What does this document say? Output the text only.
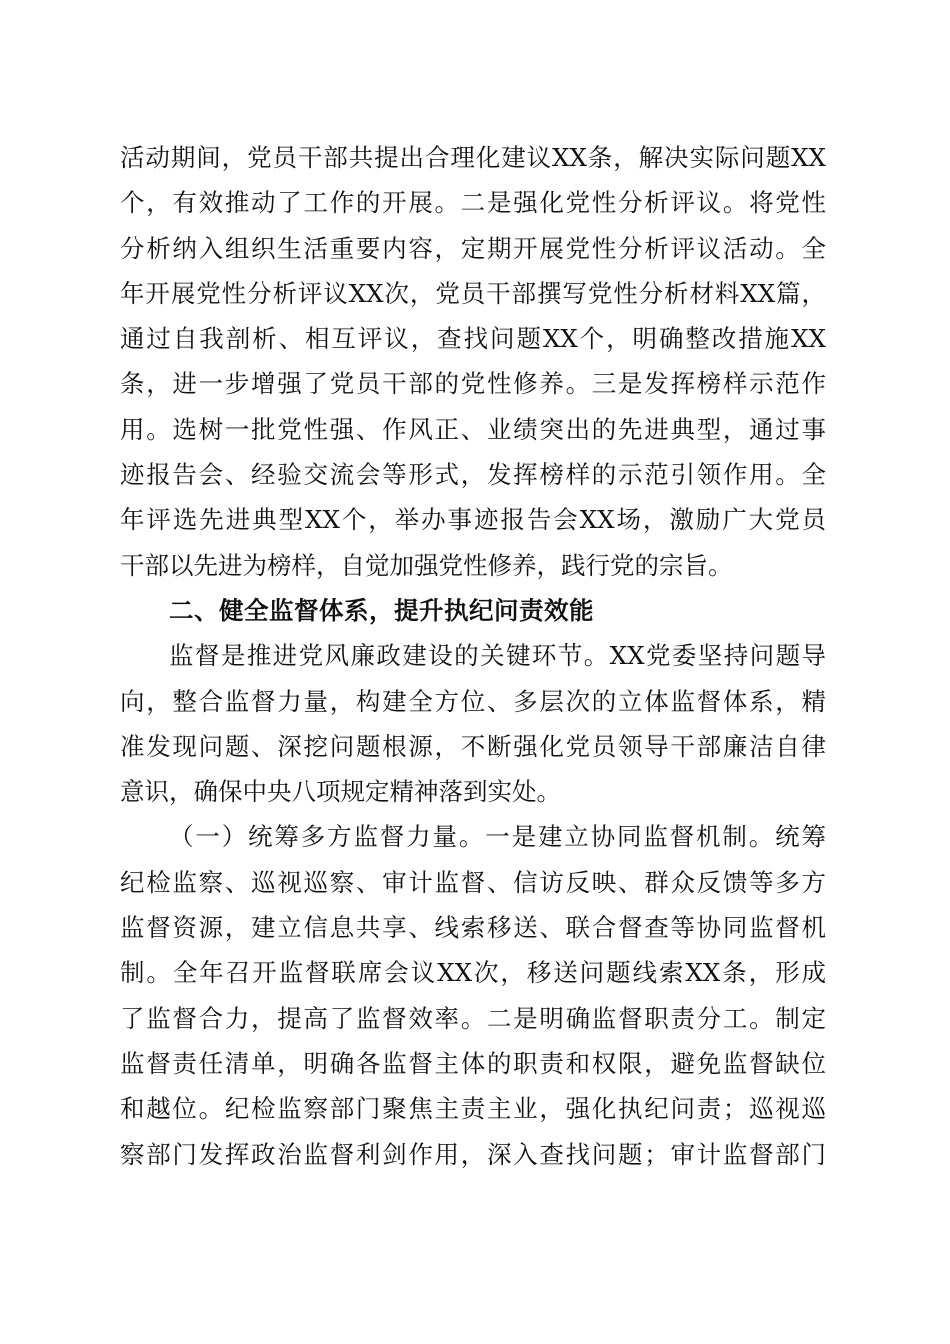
活动期间，党员干部共提出合理化建议XX条，解决实际问题XX
个，有效推动了工作的开展。二是强化党性分析评议。将党性
分析纳入组织生活重要内容，定期开展党性分析评议活动。全
年开展党性分析评议XX次，党员干部撰写党性分析材料XX篇，
通过自我剖析、相互评议，查找问题XX个，明确整改措施XX
条，进一步增强了党员干部的党性修养。三是发挥榜样示范作
用。选树一批党性强、作风正、业绩突出的先进典型，通过事
迹报告会、经验交流会等形式，发挥榜样的示范引领作用。全
年评选先进典型XX个，举办事迹报告会XX场，激励广大党员
干部以先进为榜样，自觉加强党性修养，践行党的宗旨。
二、健全监督体系，提升执纪问责效能
监督是推进党风廉政建设的关键环节。XX党委坚持问题导
向，整合监督力量，构建全方位、多层次的立体监督体系，精
准发现问题、深挖问题根源，不断强化党员领导干部廉洁自律
意识，确保中央八项规定精神落到实处。
（一）统筹多方监督力量。一是建立协同监督机制。统筹
纪检监察、巡视巡察、审计监督、信访反映、群众反馈等多方
监督资源，建立信息共享、线索移送、联合督查等协同监督机
制。全年召开监督联席会议XX次，移送问题线索XX条，形成
了监督合力，提高了监督效率。二是明确监督职责分工。制定
监督责任清单，明确各监督主体的职责和权限，避免监督缺位
和越位。纪检监察部门聚焦主责主业，强化执纪问责；巡视巡
察部门发挥政治监督利剑作用，深入查找问题；审计监督部门
